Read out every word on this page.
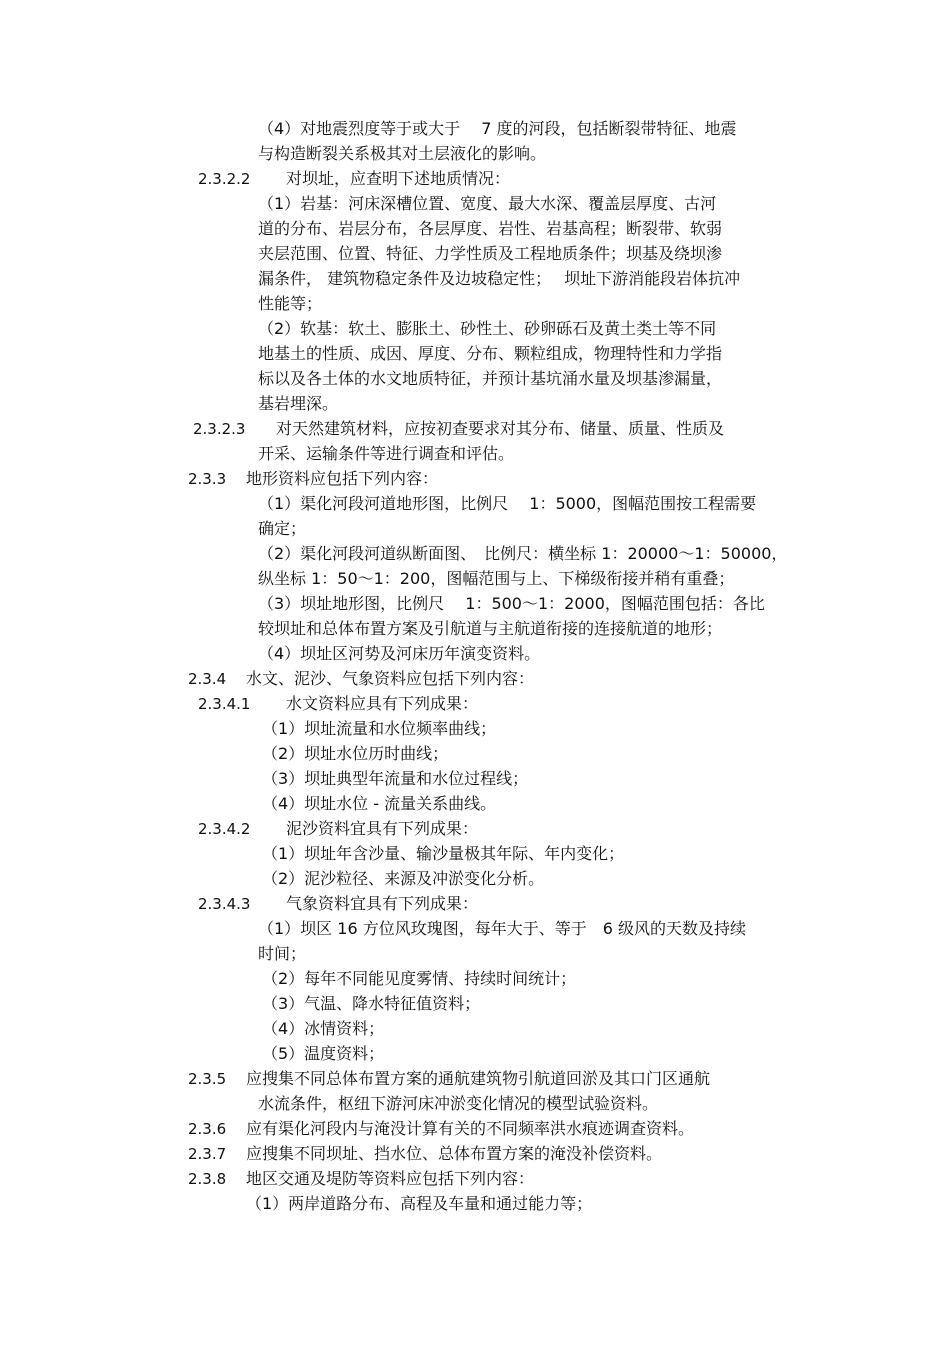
（4）对地震烈度等于或大于　 7 度的河段，包括断裂带特征、地震
与构造断裂关系极其对土层液化的影响。
2.3.2.2 对坝址，应查明下述地质情况：
（1）岩基：河床深槽位置、宽度、最大水深、覆盖层厚度、古河
道的分布、岩层分布，各层厚度、岩性、岩基高程；断裂带、软弱
夹层范围、位置、特征、力学性质及工程地质条件；坝基及绕坝渗
漏条件， 建筑物稳定条件及边坡稳定性；　 坝址下游消能段岩体抗冲
性能等；
（2）软基：软土、膨胀土、砂性土、砂卵砾石及黄土类土等不同
地基土的性质、成因、厚度、分布、颗粒组成，物理特性和力学指
标以及各土体的水文地质特征，并预计基坑涌水量及坝基渗漏量，
基岩埋深。
2.3.2.3 对天然建筑材料，应按初查要求对其分布、储量、质量、性质及
开采、运输条件等进行调查和评估。
2.3.3 地形资料应包括下列内容：
（1）渠化河段河道地形图，比例尺　 1：5000，图幅范围按工程需要
确定；
（2）渠化河段河道纵断面图、　比例尺：横坐标 1：20000～1：50000，
纵坐标 1：50～1：200，图幅范围与上、下梯级衔接并稍有重叠；
（3）坝址地形图，比例尺　 1：500～1：2000，图幅范围包括：各比
较坝址和总体布置方案及引航道与主航道衔接的连接航道的地形；
（4）坝址区河势及河床历年演变资料。
2.3.4 水文、泥沙、气象资料应包括下列内容：
2.3.4.1 水文资料应具有下列成果：
（1）坝址流量和水位频率曲线；
（2）坝址水位历时曲线；
（3）坝址典型年流量和水位过程线；
（4）坝址水位 - 流量关系曲线。
2.3.4.2 泥沙资料宜具有下列成果：
（1）坝址年含沙量、输沙量极其年际、年内变化；
（2）泥沙粒径、来源及冲淤变化分析。
2.3.4.3 气象资料宜具有下列成果：
（1）坝区 16 方位风玫瑰图，每年大于、等于　6 级风的天数及持续
时间；
（2）每年不同能见度雾情、持续时间统计；
（3）气温、降水特征值资料；
（4）冰情资料；
（5）温度资料；
2.3.5 应搜集不同总体布置方案的通航建筑物引航道回淤及其口门区通航
水流条件，枢纽下游河床冲淤变化情况的模型试验资料。
2.3.6 应有渠化河段内与淹没计算有关的不同频率洪水痕迹调查资料。
2.3.7 应搜集不同坝址、挡水位、总体布置方案的淹没补偿资料。
2.3.8 地区交通及堤防等资料应包括下列内容：
（1）两岸道路分布、高程及车量和通过能力等；
